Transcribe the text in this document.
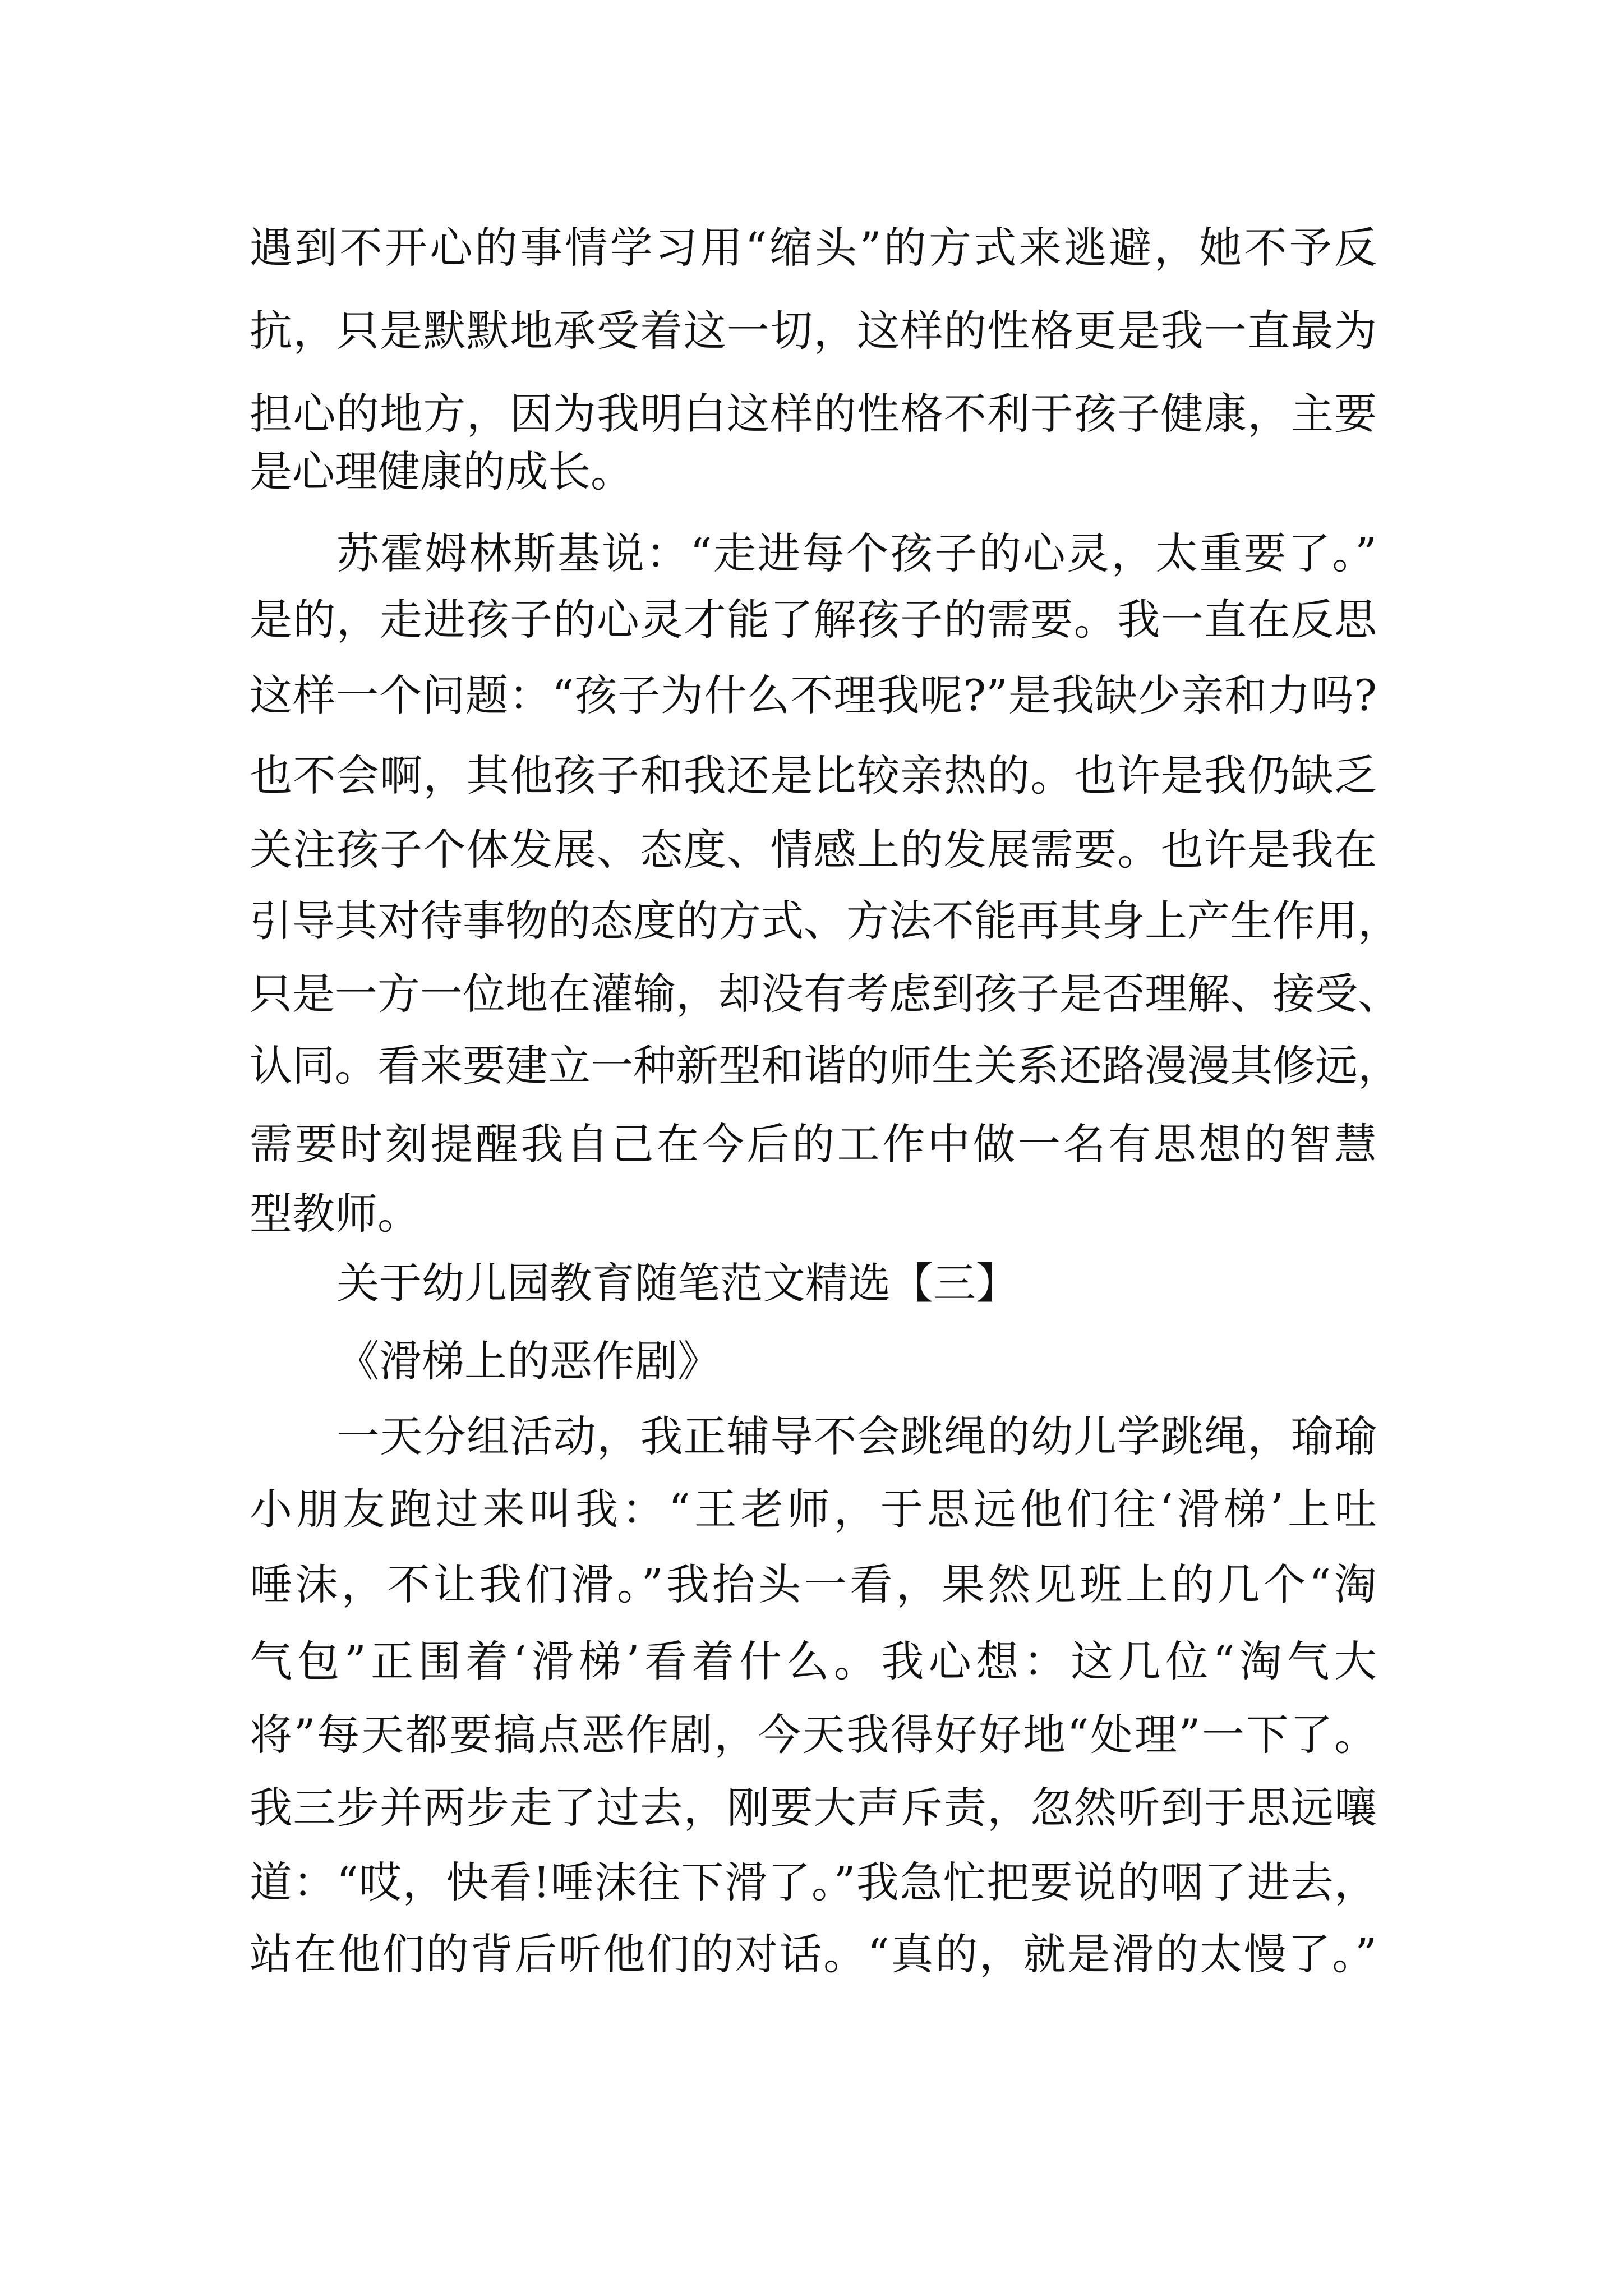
遇到不开心的事情学习用“缩头”的方式来逃避，她不予反
抗，只是默默地承受着这一切，这样的性格更是我一直最为
担心的地方，因为我明白这样的性格不利于孩子健康，主要
是心理健康的成长。
苏霍姆林斯基说：“走进每个孩子的心灵，太重要了。”
是的，走进孩子的心灵才能了解孩子的需要。我一直在反思
这样一个问题：“孩子为什么不理我呢?”是我缺少亲和力吗?
也不会啊，其他孩子和我还是比较亲热的。也许是我仍缺乏
关注孩子个体发展、态度、情感上的发展需要。也许是我在
引导其对待事物的态度的方式、方法不能再其身上产生作用，
只是一方一位地在灌输，却没有考虑到孩子是否理解、接受、
认同。看来要建立一种新型和谐的师生关系还路漫漫其修远，
需要时刻提醒我自己在今后的工作中做一名有思想的智慧
型教师。
关于幼儿园教育随笔范文精选【三】
《滑梯上的恶作剧》
一天分组活动，我正辅导不会跳绳的幼儿学跳绳，瑜瑜
小朋友跑过来叫我：“王老师，于思远他们往‘滑梯’上吐
唾沫，不让我们滑。”我抬头一看，果然见班上的几个“淘
气包”正围着‘滑梯’看着什么。我心想：这几位“淘气大
将”每天都要搞点恶作剧，今天我得好好地“处理”一下了。
我三步并两步走了过去，刚要大声斥责，忽然听到于思远嚷
道：“哎，快看!唾沫往下滑了。”我急忙把要说的咽了进去，
站在他们的背后听他们的对话。“真的，就是滑的太慢了。”
